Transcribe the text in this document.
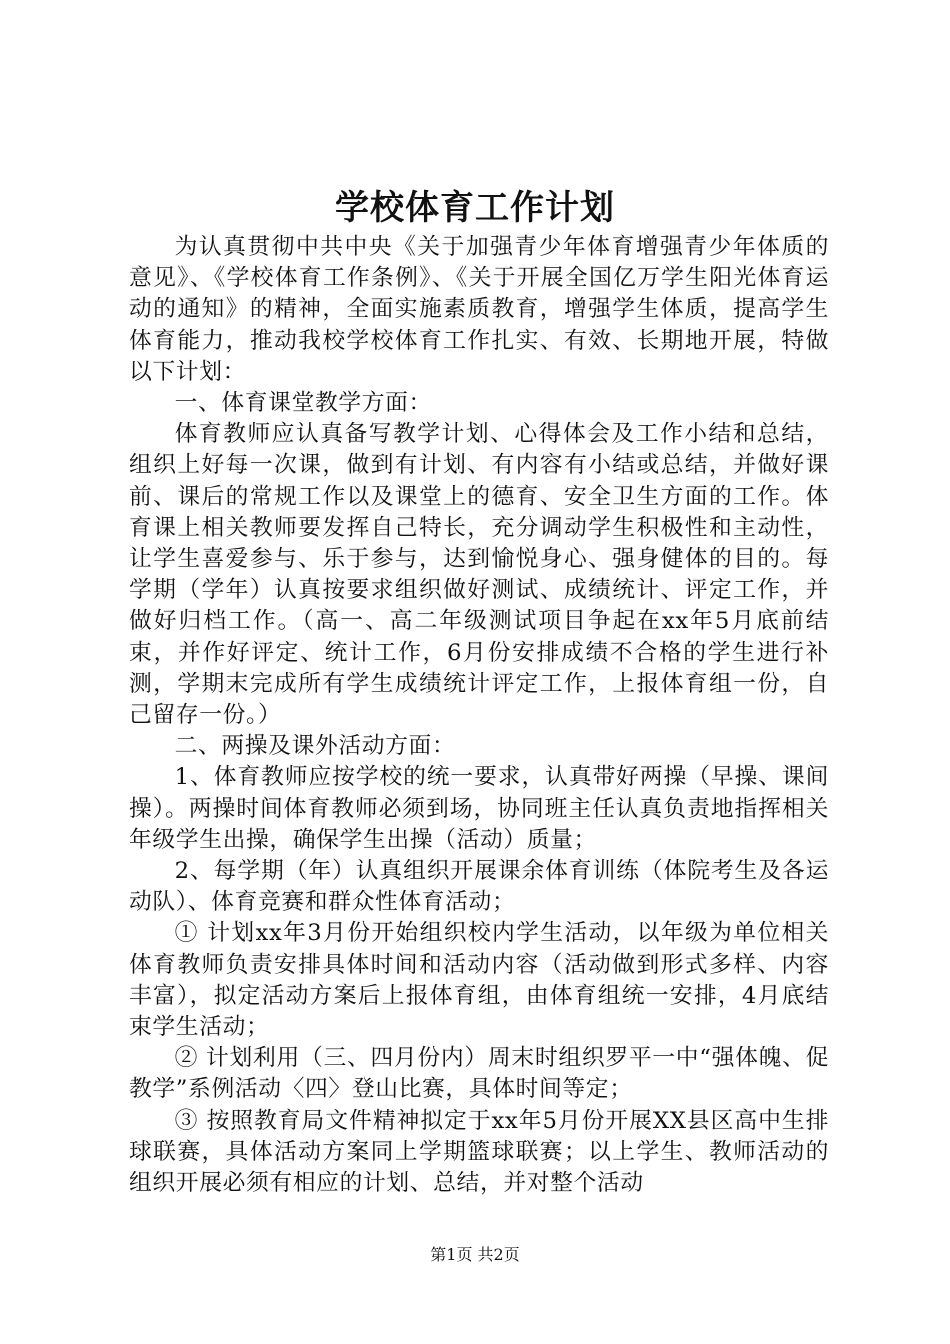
学校体育工作计划

为认真贯彻中共中央《关于加强青少年体育增强青少年体质的意见》、《学校体育工作条例》、《关于开展全国亿万学生阳光体育运动的通知》的精神，全面实施素质教育，增强学生体质，提高学生体育能力，推动我校学校体育工作扎实、有效、长期地开展，特做以下计划：

一、体育课堂教学方面：

体育教师应认真备写教学计划、心得体会及工作小结和总结，组织上好每一次课，做到有计划、有内容有小结或总结，并做好课前、课后的常规工作以及课堂上的德育、安全卫生方面的工作。体育课上相关教师要发挥自己特长，充分调动学生积极性和主动性，让学生喜爱参与、乐于参与，达到愉悦身心、强身健体的目的。每学期（学年）认真按要求组织做好测试、成绩统计、评定工作，并做好归档工作。（高一、高二年级测试项目争起在xx年5月底前结束，并作好评定、统计工作，6月份安排成绩不合格的学生进行补测，学期末完成所有学生成绩统计评定工作，上报体育组一份，自己留存一份。）

二、两操及课外活动方面：

1、体育教师应按学校的统一要求，认真带好两操（早操、课间操）。两操时间体育教师必须到场，协同班主任认真负责地指挥相关年级学生出操，确保学生出操（活动）质量；

2、每学期（年）认真组织开展课余体育训练（体院考生及各运动队）、体育竞赛和群众性体育活动；

① 计划xx年3月份开始组织校内学生活动，以年级为单位相关体育教师负责安排具体时间和活动内容（活动做到形式多样、内容丰富），拟定活动方案后上报体育组，由体育组统一安排，4月底结束学生活动；

② 计划利用（三、四月份内）周末时组织罗平一中“强体魄、促教学”系例活动〈四〉登山比赛，具体时间等定；

③ 按照教育局文件精神拟定于xx年5月份开展XX县区高中生排球联赛，具体活动方案同上学期篮球联赛；以上学生、教师活动的组织开展必须有相应的计划、总结，并对整个活动

第1页 共2页
